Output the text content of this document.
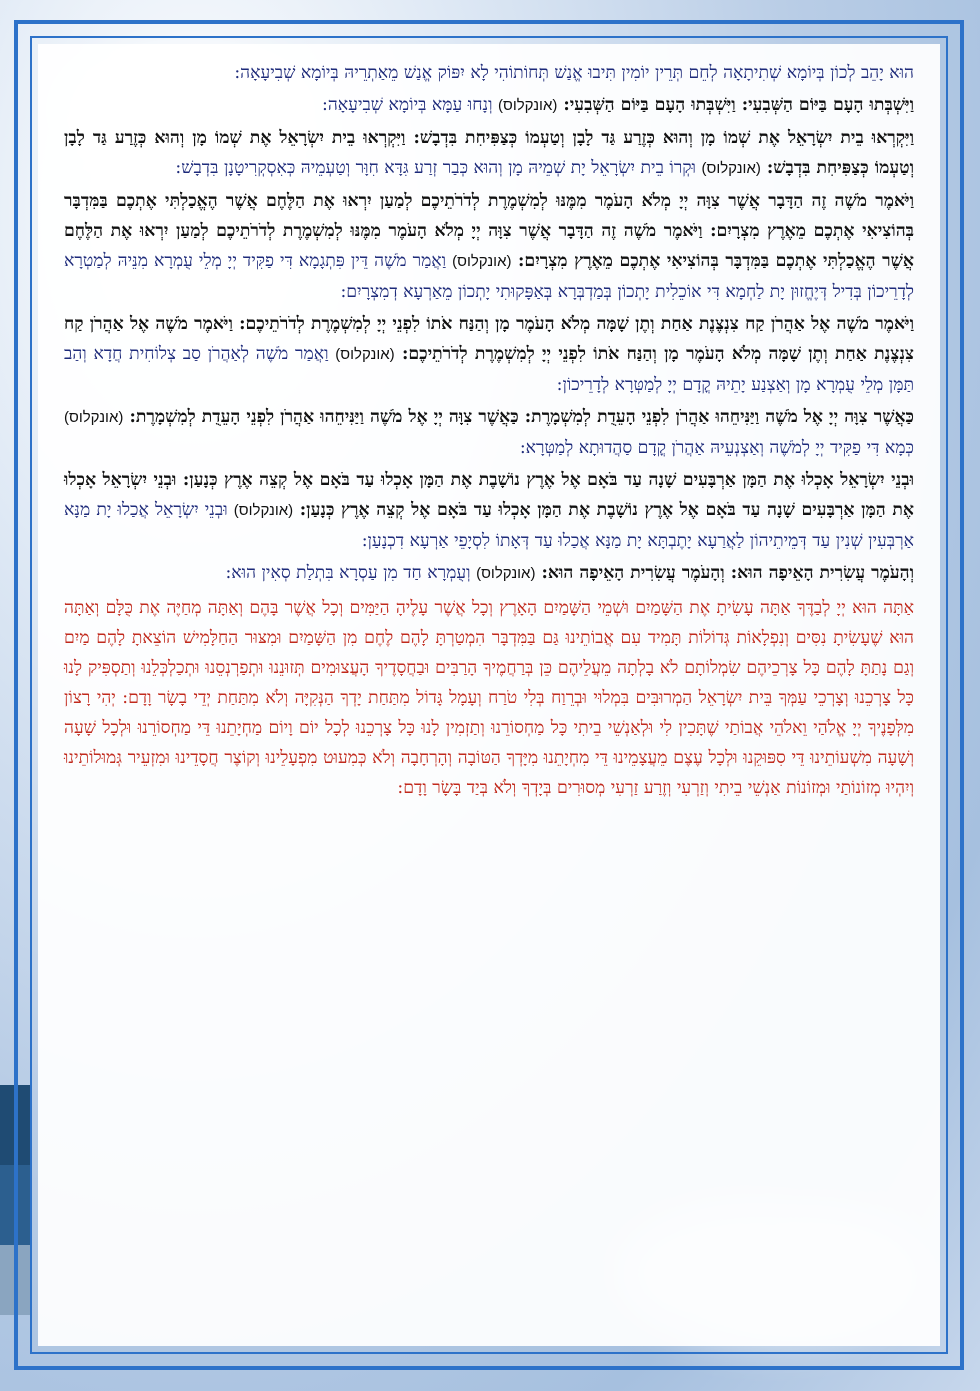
הוּא יָהֵב לְכוֹן בְּיוֹמָא שְׁתִיתָאָה לְחֵם תְּרֵין יוֹמִין תִּיבוּ אֱנַשׁ תְּחוֹתוֹהִי לָא יִפּוֹק אֱנַשׁ מֵאַתְרֵיהּ בְּיוֹמָא שְׁבִיעָאָה:

וַיִּשְׁבְּתוּ הָעָם בַּיּוֹם הַשְּׁבִעִי: וַיִּשְׁבְּתוּ הָעָם בַּיּוֹם הַשְּׁבִעִי: (אונקלוס) וְנָחוּ עַמָּא בְּיוֹמָא שְׁבִיעָאָה:

וַיִּקְרְאוּ בֵית יִשְׂרָאֵל אֶת שְׁמוֹ מָן וְהוּא כְּזֶרַע גַּד לָבָן וְטַעְמוֹ כְּצַפִּיחִת בִּדְבָשׁ: וַיִּקְרְאוּ בֵית יִשְׂרָאֵל אֶת שְׁמוֹ מָן וְהוּא כְּזֶרַע גַּד לָבָן וְטַעְמוֹ כְּצַפִּיחִת בִּדְבָשׁ: (אונקלוס) וּקְרוֹ בֵית יִשְׂרָאֵל יָת שְׁמֵיהּ מָן וְהוּא כְּבַר זְרַע גִּדָּא חִוָּר וְטַעְמֵיהּ כְּאִסְקְרִיטָנָן בִּדְבָשׁ:

וַיֹּאמֶר מֹשֶׁה זֶה הַדָּבָר אֲשֶׁר צִוָּה יְיָ מְלֹא הָעֹמֶר מִמֶּנּוּ לְמִשְׁמֶרֶת לְדֹרֹתֵיכֶם לְמַעַן יִרְאוּ אֶת הַלֶּחֶם אֲשֶׁר הֶאֱכַלְתִּי אֶתְכֶם בַּמִּדְבָּר בְּהוֹצִיאִי אֶתְכֶם מֵאֶרֶץ מִצְרָיִם: וַיֹּאמֶר מֹשֶׁה זֶה הַדָּבָר אֲשֶׁר צִוָּה יְיָ מְלֹא הָעֹמֶר מִמֶּנּוּ לְמִשְׁמֶרֶת לְדֹרֹתֵיכֶם לְמַעַן יִרְאוּ אֶת הַלֶּחֶם אֲשֶׁר הֶאֱכַלְתִּי אֶתְכֶם בַּמִּדְבָּר בְּהוֹצִיאִי אֶתְכֶם מֵאֶרֶץ מִצְרָיִם: (אונקלוס) וַאֲמַר מֹשֶׁה דֵּין פִּתְגָמָא דִּי פַקִּיד יְיָ מְלֵי עֻמְרָא מִנֵּיהּ לְמַטְרָא לְדָרֵיכוֹן בְּדִיל דְּיֶחֱזוּן יָת לַחְמָא דִּי אוֹכֵלִית יָתְכוֹן בְּמַדְבְּרָא בְּאַפָּקוּתִי יָתְכוֹן מֵאַרְעָא דְמִצְרָיִם:

וַיֹּאמֶר מֹשֶׁה אֶל אַהֲרֹן קַח צִנְצֶנֶת אַחַת וְתֶן שָׁמָּה מְלֹא הָעֹמֶר מָן וְהַנַּח אֹתוֹ לִפְנֵי יְיָ לְמִשְׁמֶרֶת לְדֹרֹתֵיכֶם: וַיֹּאמֶר מֹשֶׁה אֶל אַהֲרֹן קַח צִנְצֶנֶת אַחַת וְתֶן שָׁמָּה מְלֹא הָעֹמֶר מָן וְהַנַּח אֹתוֹ לִפְנֵי יְיָ לְמִשְׁמֶרֶת לְדֹרֹתֵיכֶם: (אונקלוס) וַאֲמַר מֹשֶׁה לְאַהֲרֹן סַב צְלוֹחִית חֲדָא וְהַב תַּמָּן מְלֵי עֻמְרָא מָן וְאַצְנַע יָתֵיהּ קֳדָם יְיָ לְמַטְּרָא לְדָרֵיכוֹן:

כַּאֲשֶׁר צִוָּה יְיָ אֶל מֹשֶׁה וַיַּנִּיחֵהוּ אַהֲרֹן לִפְנֵי הָעֵדֻת לְמִשְׁמָרֶת: כַּאֲשֶׁר צִוָּה יְיָ אֶל מֹשֶׁה וַיַּנִּיחֵהוּ אַהֲרֹן לִפְנֵי הָעֵדֻת לְמִשְׁמָרֶת: (אונקלוס) כְּמָא דִּי פַקִּיד יְיָ לְמֹשֶׁה וְאַצְנְעֵיהּ אַהֲרֹן קֳדָם סַהֲדוּתָא לְמַטְּרָא:

וּבְנֵי יִשְׂרָאֵל אָכְלוּ אֶת הַמָּן אַרְבָּעִים שָׁנָה עַד בֹּאָם אֶל אֶרֶץ נוֹשָׁבֶת אֶת הַמָּן אָכְלוּ עַד בֹּאָם אֶל קְצֵה אֶרֶץ כְּנָעַן: וּבְנֵי יִשְׂרָאֵל אָכְלוּ אֶת הַמָּן אַרְבָּעִים שָׁנָה עַד בֹּאָם אֶל אֶרֶץ נוֹשָׁבֶת אֶת הַמָּן אָכְלוּ עַד בֹּאָם אֶל קְצֵה אֶרֶץ כְּנָעַן: (אונקלוס) וּבְנֵי יִשְׂרָאֵל אֲכַלוּ יָת מַנָּא אַרְבְּעִין שְׁנִין עַד דְּמֵיתֵיהוֹן לַאֲרַעָא יָתֶבְתָּא יָת מַנָּא אֲכַלוּ עַד דְּאָתוֹ לִסְיָפֵי אַרְעָא דִכְנָעַן:

וְהָעֹמֶר עֲשִׂרִית הָאֵיפָה הוּא: וְהָעֹמֶר עֲשִׂרִית הָאֵיפָה הוּא: (אונקלוס) וְעֻמְרָא חַד מִן עַסְרָא בִּתְלַת סְאִין הוּא:

אַתָּה הוּא יְיָ לְבַדֶּךָ אַתָּה עָשִׂיתָ אֶת הַשָּׁמַיִם וּשְׁמֵי הַשָּׁמַיִם הָאָרֶץ וְכָל אֲשֶׁר עָלֶיהָ הַיַּמִּים וְכָל אֲשֶׁר בָּהֶם וְאַתָּה מְחַיֶּה אֶת כֻּלָּם וְאַתָּה הוּא שֶׁעָשִׂיתָ נִסִּים וְנִפְלָאוֹת גְּדוֹלוֹת תָּמִיד עִם אֲבוֹתֵינוּ גַּם בַּמִּדְבָּר הִמְטַרְתָּ לָהֶם לֶחֶם מִן הַשָּׁמַיִם וּמִצּוּר הַחַלָּמִישׁ הוֹצֵאתָ לָהֶם מַיִם וְגַם נָתַתָּ לָהֶם כָּל צָרְכֵיהֶם שִׂמְלוֹתָם לֹא בָלְתָה מֵעֲלֵיהֶם כֵּן בְּרַחֲמֶיךָ הָרַבִּים וּבַחֲסָדֶיךָ הָעֲצוּמִים תְּזוּנֵנוּ וּתְפַרְנְסֵנוּ וּתְכַלְכְּלֵנוּ וְתַסְפִּיק לָנוּ כָּל צָרְכֵנוּ וְצָרְכֵי עַמְּךָ בֵּית יִשְׂרָאֵל הַמְרוּבִּים בִּמְלוּי וּבְרֵוַח בְּלִי טֹרַח וְעָמָל גָּדוֹל מִתַּחַת יָדְךָ הַנְּקִיָּה וְלֹא מִתַּחַת יְדֵי בָשָׂר וָדָם: יְהִי רָצוֹן מִלְּפָנֶיךָ יְיָ אֱלֹהַי וֵאלֹהֵי אֲבוֹתַי שֶׁתָּכִין לִי וּלְאַנְשֵׁי בֵיתִי כָּל מַחְסוֹרֵנוּ וְתַזְמִין לָנוּ כָּל צָרְכֵנוּ לְכָל יוֹם וָיוֹם מַחְיָתֵנוּ דֵּי מַחְסוֹרֵנוּ וּלְכָל שָׁעָה וְשָׁעָה מִשְׁעוֹתֵינוּ דֵּי סִפּוּקֵנוּ וּלְכָל עֶצֶם מֵעֲצָמֵינוּ דֵּי מִחְיָתֵנוּ מִיָּדְךָ הַטּוֹבָה וְהָרְחָבָה וְלֹא כְּמִעוּט מִפְעָלֵינוּ וְקוֹצֶר חֲסָדֵינוּ וּמִזְעֵיר גְּמוּלוֹתֵינוּ וְיִהְיוּ מְזוֹנוֹתַי וּמְזוֹנוֹת אַנְשֵׁי בֵיתִי וְזַרְעִי וְזֶרַע זַרְעִי מְסוּרִים בְּיָדְךָ וְלֹא בְּיַד בָּשָׂר וָדָם:
